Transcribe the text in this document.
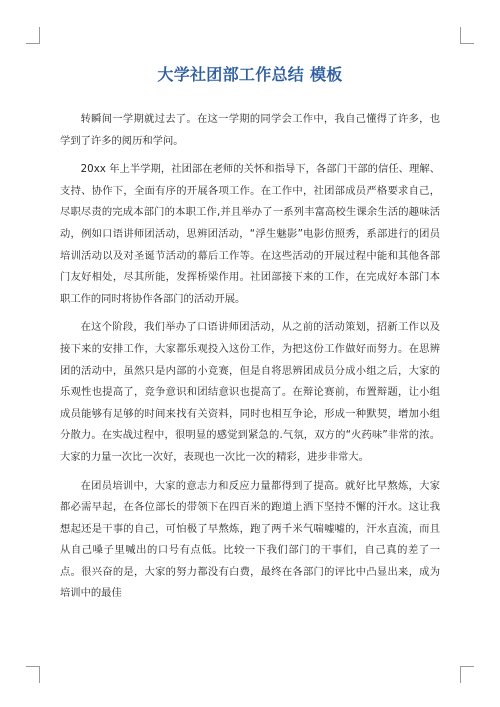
大学社团部工作总结 模板

转瞬间一学期就过去了。在这一学期的同学会工作中，我自己懂得了许多，也学到了许多的阅历和学问。

20xx 年上半学期，社团部在老师的关怀和指导下，各部门干部的信任、理解、支持、协作下，全面有序的开展各项工作。在工作中，社团部成员严格要求自己，尽职尽责的完成本部门的本职工作,并且举办了一系列丰富高校生课余生活的趣味活动，例如口语讲师团活动，思辨团活动，“浮生魅影”电影仿照秀，系部进行的团员培训活动以及对圣诞节活动的幕后工作等。在这些活动的开展过程中能和其他各部门友好相处，尽其所能，发挥桥梁作用。社团部接下来的工作，在完成好本部门本职工作的同时将协作各部门的活动开展。

在这个阶段，我们举办了口语讲师团活动，从之前的活动策划，招新工作以及接下来的安排工作，大家都乐观投入这份工作，为把这份工作做好而努力。在思辨团的活动中，虽然只是内部的小竞赛，但是自将思辨团成员分成小组之后，大家的乐观性也提高了，竞争意识和团结意识也提高了。在辩论赛前，布置辩题，让小组成员能够有足够的时间来找有关资料，同时也相互争论，形成一种默契，增加小组分散力。在实战过程中，很明显的感觉到紧急的.气氛，双方的“火药味”非常的浓。大家的力量一次比一次好，表现也一次比一次的精彩，进步非常大。

在团员培训中，大家的意志力和反应力量都得到了提高。就好比早熬炼，大家都必需早起，在各位部长的带领下在四百米的跑道上洒下坚持不懈的汗水。这让我想起还是干事的自己，可怕极了早熬炼，跑了两千米气喘嘘嘘的，汗水直流，而且从自己嗓子里喊出的口号有点低。比较一下我们部门的干事们，自己真的差了一点。很兴奋的是，大家的努力都没有白费，最终在各部门的评比中凸显出来，成为培训中的最佳
